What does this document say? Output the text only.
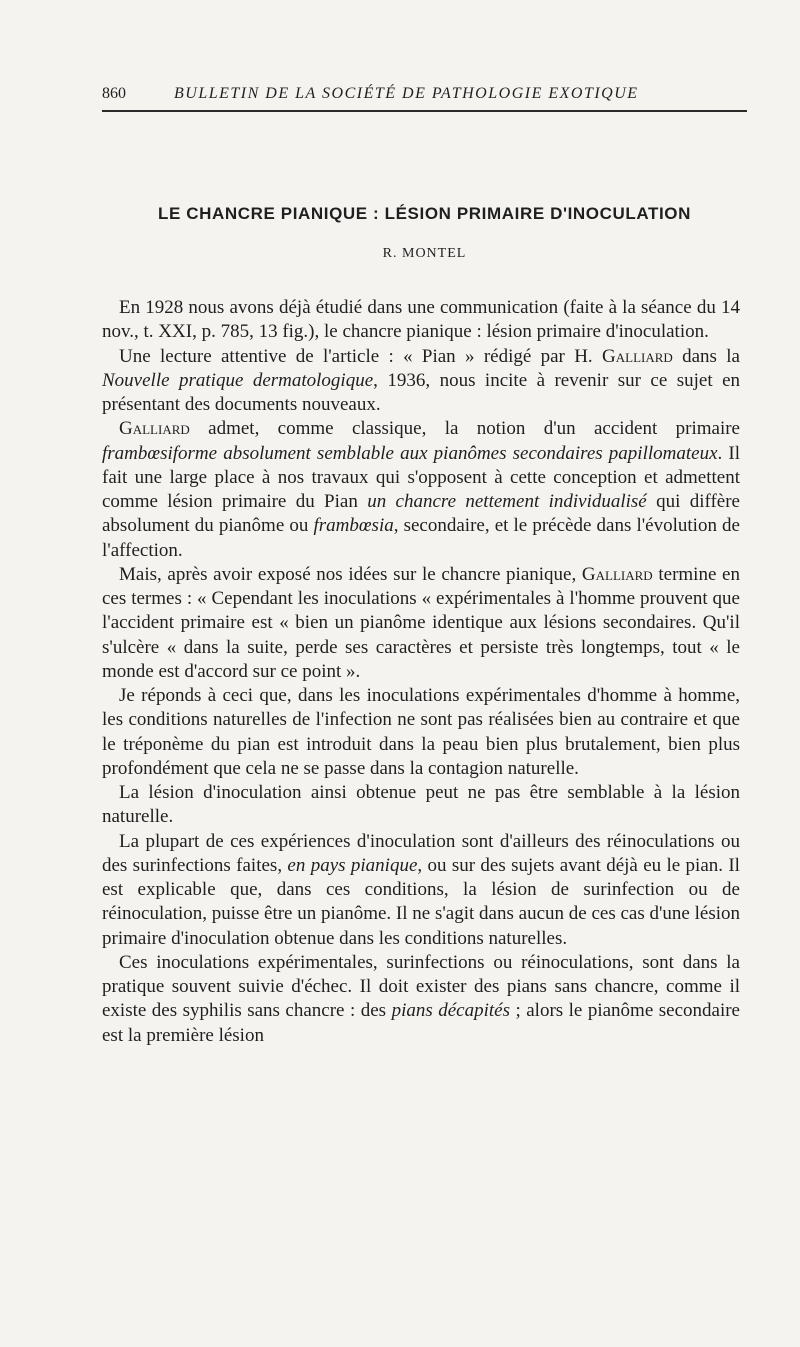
860	BULLETIN DE LA SOCIÉTÉ DE PATHOLOGIE EXOTIQUE
LE CHANCRE PIANIQUE : LÉSION PRIMAIRE D'INOCULATION
R. MONTEL

En 1928 nous avons déjà étudié dans une communication (faite à la séance du 14 nov., t. XXI, p. 785, 13 fig.), le chancre pianique : lésion primaire d'inoculation.

Une lecture attentive de l'article : « Pian » rédigé par H. Galliard dans la Nouvelle pratique dermatologique, 1936, nous incite à revenir sur ce sujet en présentant des documents nouveaux.

Galliard admet, comme classique, la notion d'un accident primaire frambœsiforme absolument semblable aux pianômes secondaires papillomateux. Il fait une large place à nos travaux qui s'opposent à cette conception et admettent comme lésion primaire du Pian un chancre nettement individualisé qui diffère absolument du pianôme ou frambœsia, secondaire, et le précède dans l'évolution de l'affection.

Mais, après avoir exposé nos idées sur le chancre pianique, Galliard termine en ces termes : « Cependant les inoculations « expérimentales à l'homme prouvent que l'accident primaire est « bien un pianôme identique aux lésions secondaires. Qu'il s'ulcère « dans la suite, perde ses caractères et persiste très longtemps, tout « le monde est d'accord sur ce point ».

Je réponds à ceci que, dans les inoculations expérimentales d'homme à homme, les conditions naturelles de l'infection ne sont pas réalisées bien au contraire et que le tréponème du pian est introduit dans la peau bien plus brutalement, bien plus profondément que cela ne se passe dans la contagion naturelle.

La lésion d'inoculation ainsi obtenue peut ne pas être semblable à la lésion naturelle.

La plupart de ces expériences d'inoculation sont d'ailleurs des réinoculations ou des surinfections faites, en pays pianique, ou sur des sujets avant déjà eu le pian. Il est explicable que, dans ces conditions, la lésion de surinfection ou de réinoculation, puisse être un pianôme. Il ne s'agit dans aucun de ces cas d'une lésion primaire d'inoculation obtenue dans les conditions naturelles.

Ces inoculations expérimentales, surinfections ou réinoculations, sont dans la pratique souvent suivie d'échec. Il doit exister des pians sans chancre, comme il existe des syphilis sans chancre : des pians décapités ; alors le pianôme secondaire est la première lésion
